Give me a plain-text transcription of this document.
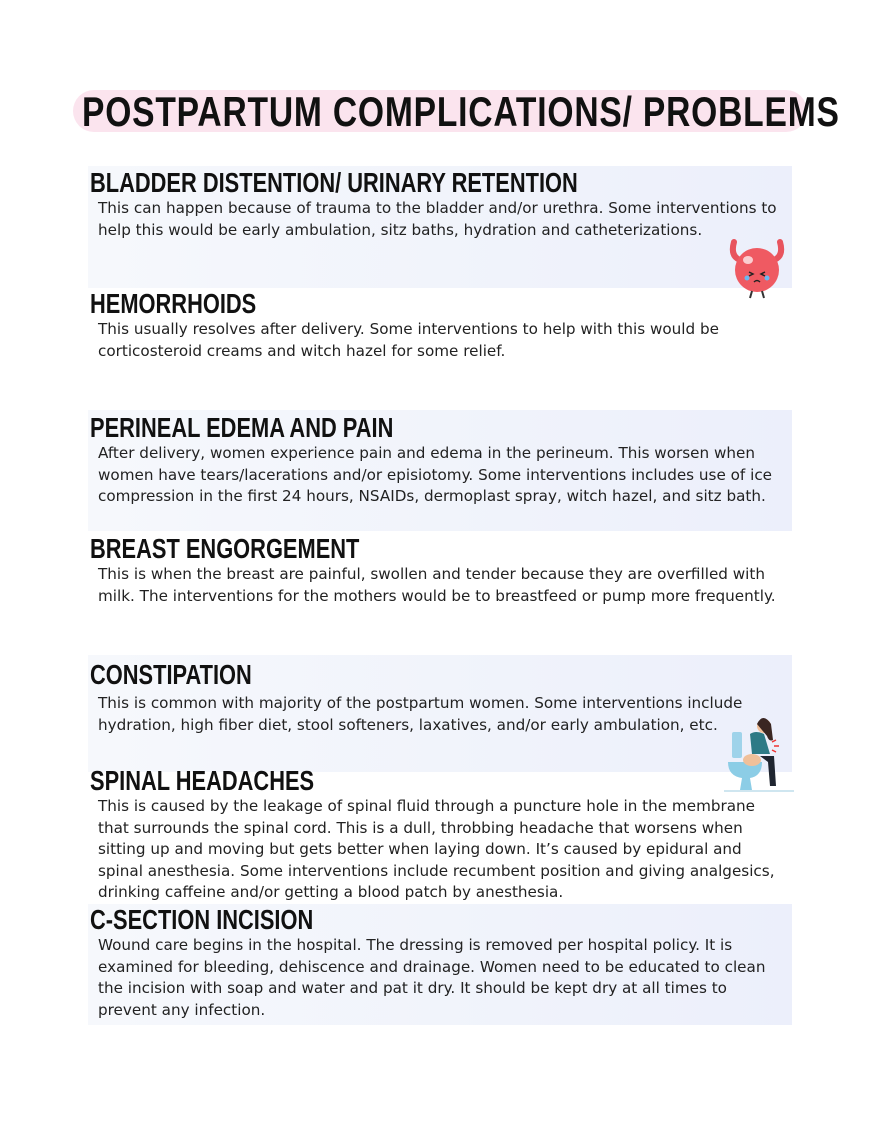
POSTPARTUM COMPLICATIONS/ PROBLEMS
BLADDER DISTENTION/ URINARY RETENTION

This can happen because of trauma to the bladder and/or urethra. Some interventions to help this would be early ambulation, sitz baths, hydration and catheterizations.

HEMORRHOIDS

This usually resolves after delivery. Some interventions to help with this would be corticosteroid creams and witch hazel for some relief.

PERINEAL EDEMA AND PAIN

After delivery, women experience pain and edema in the perineum. This worsen when women have tears/lacerations and/or episiotomy. Some interventions includes use of ice compression in the first 24 hours, NSAIDs, dermoplast spray, witch hazel, and sitz bath.

BREAST ENGORGEMENT

This is when the breast are painful, swollen and tender because they are overfilled with milk. The interventions for the mothers would be to breastfeed or pump more frequently.

CONSTIPATION

This is common with majority of the postpartum women. Some interventions include hydration, high fiber diet, stool softeners, laxatives, and/or early ambulation, etc.

SPINAL HEADACHES

This is caused by the leakage of spinal fluid through a puncture hole in the membrane that surrounds the spinal cord. This is a dull, throbbing headache that worsens when sitting up and moving but gets better when laying down. It’s caused by epidural and spinal anesthesia. Some interventions include recumbent position and giving analgesics, drinking caffeine and/or getting a blood patch by anesthesia.

C-SECTION INCISION

Wound care begins in the hospital. The dressing is removed per hospital policy. It is examined for bleeding, dehiscence and drainage. Women need to be educated to clean the incision with soap and water and pat it dry. It should be kept dry at all times to prevent any infection.
